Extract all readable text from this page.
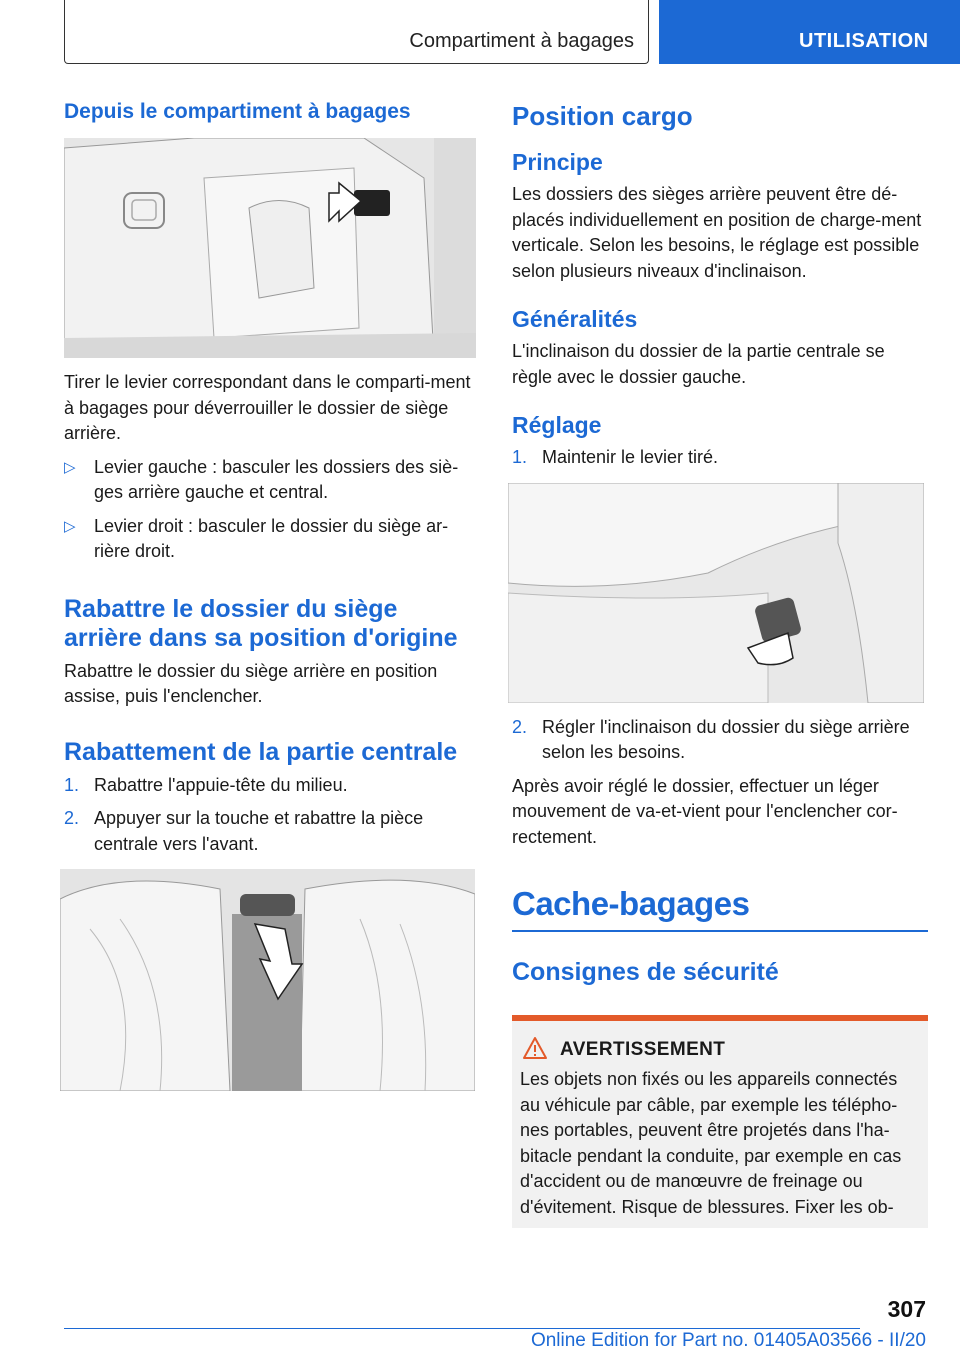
Compartiment à bagages	UTILISATION
Depuis le compartiment à bagages

Tirer le levier correspondant dans le comparti-ment à bagages pour déverrouiller le dossier de siège arrière.

▷ Levier gauche : basculer les dossiers des siè-ges arrière gauche et central.
▷ Levier droit : basculer le dossier du siège ar-rière droit.
Rabattre le dossier du siège arrière dans sa position d'origine

Rabattre le dossier du siège arrière en position assise, puis l'enclencher.

Rabattement de la partie centrale
1. Rabattre l'appuie-tête du milieu.
2. Appuyer sur la touche et rabattre la pièce centrale vers l'avant.
Position cargo
Principe

Les dossiers des sièges arrière peuvent être dé-placés individuellement en position de charge-ment verticale. Selon les besoins, le réglage est possible selon plusieurs niveaux d'inclinaison.

Généralités

L'inclinaison du dossier de la partie centrale se règle avec le dossier gauche.

Réglage
1. Maintenir le levier tiré.
2. Régler l'inclinaison du dossier du siège arrière selon les besoins.

Après avoir réglé le dossier, effectuer un léger mouvement de va-et-vient pour l'enclencher cor-rectement.

Cache-bagages
Consignes de sécurité
AVERTISSEMENT

Les objets non fixés ou les appareils connectés au véhicule par câble, par exemple les télépho-nes portables, peuvent être projetés dans l'ha-bitacle pendant la conduite, par exemple en cas d'accident ou de manœuvre de freinage ou d'évitement. Risque de blessures. Fixer les ob-

307
Online Edition for Part no. 01405A03566 - II/20
